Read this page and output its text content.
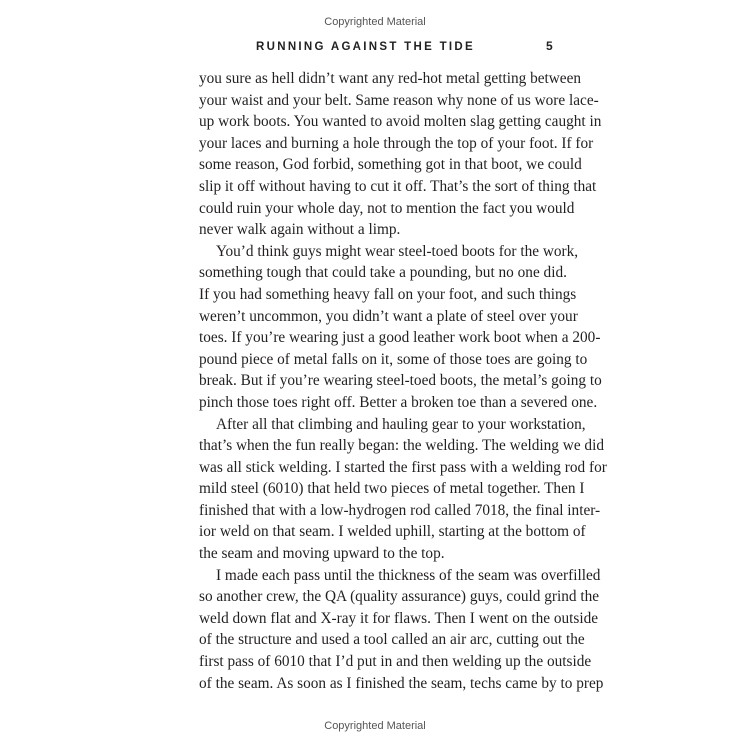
Copyrighted Material
RUNNING AGAINST THE TIDE	5
you sure as hell didn’t want any red-hot metal getting between
your waist and your belt. Same reason why none of us wore lace-
up work boots. You wanted to avoid molten slag getting caught in
your laces and burning a hole through the top of your foot. If for
some reason, God forbid, something got in that boot, we could
slip it off without having to cut it off. That’s the sort of thing that
could ruin your whole day, not to mention the fact you would
never walk again without a limp.
You’d think guys might wear steel-toed boots for the work,
something tough that could take a pounding, but no one did.
If you had something heavy fall on your foot, and such things
weren’t uncommon, you didn’t want a plate of steel over your
toes. If you’re wearing just a good leather work boot when a 200-
pound piece of metal falls on it, some of those toes are going to
break. But if you’re wearing steel-toed boots, the metal’s going to
pinch those toes right off. Better a broken toe than a severed one.
After all that climbing and hauling gear to your workstation,
that’s when the fun really began: the welding. The welding we did
was all stick welding. I started the first pass with a welding rod for
mild steel (6010) that held two pieces of metal together. Then I
finished that with a low-hydrogen rod called 7018, the final inter-
ior weld on that seam. I welded uphill, starting at the bottom of
the seam and moving upward to the top.
I made each pass until the thickness of the seam was overfilled
so another crew, the QA (quality assurance) guys, could grind the
weld down flat and X-ray it for flaws. Then I went on the outside
of the structure and used a tool called an air arc, cutting out the
first pass of 6010 that I’d put in and then welding up the outside
of the seam. As soon as I finished the seam, techs came by to prep
Copyrighted Material
